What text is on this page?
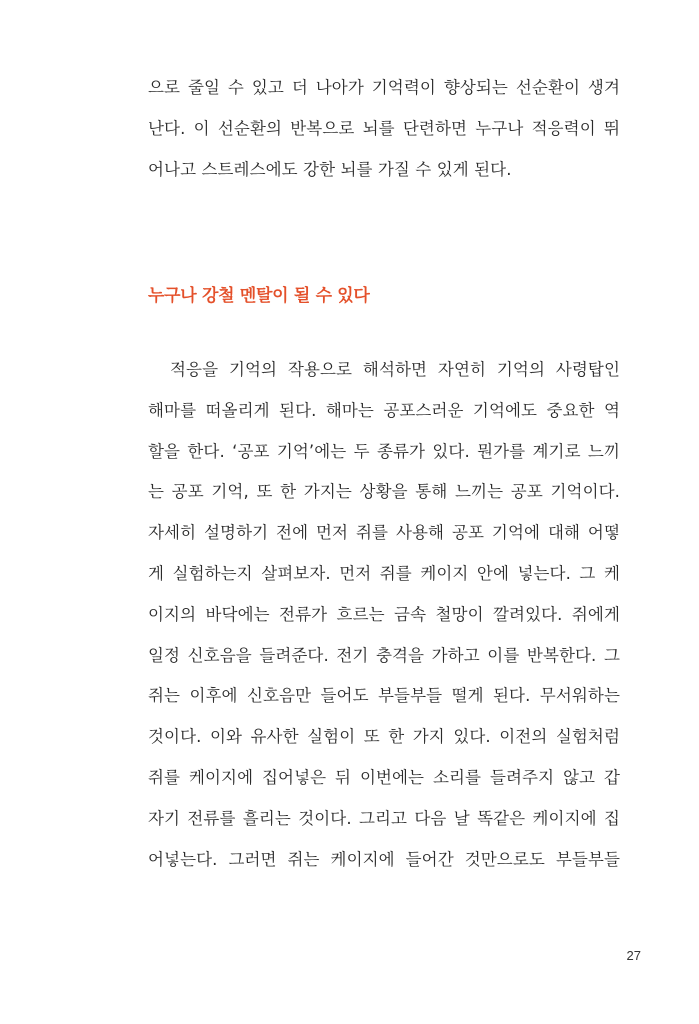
으로 줄일 수 있고 더 나아가 기억력이 향상되는 선순환이 생겨
난다. 이 선순환의 반복으로 뇌를 단련하면 누구나 적응력이 뛰
어나고 스트레스에도 강한 뇌를 가질 수 있게 된다.

누구나 강철 멘탈이 될 수 있다

적응을 기억의 작용으로 해석하면 자연히 기억의 사령탑인
해마를 떠올리게 된다. 해마는 공포스러운 기억에도 중요한 역
할을 한다. ‘공포 기억’에는 두 종류가 있다. 뭔가를 계기로 느끼
는 공포 기억, 또 한 가지는 상황을 통해 느끼는 공포 기억이다.
자세히 설명하기 전에 먼저 쥐를 사용해 공포 기억에 대해 어떻
게 실험하는지 살펴보자. 먼저 쥐를 케이지 안에 넣는다. 그 케
이지의 바닥에는 전류가 흐르는 금속 철망이 깔려있다. 쥐에게
일정 신호음을 들려준다. 전기 충격을 가하고 이를 반복한다. 그
쥐는 이후에 신호음만 들어도 부들부들 떨게 된다. 무서워하는
것이다. 이와 유사한 실험이 또 한 가지 있다. 이전의 실험처럼
쥐를 케이지에 집어넣은 뒤 이번에는 소리를 들려주지 않고 갑
자기 전류를 흘리는 것이다. 그리고 다음 날 똑같은 케이지에 집
어넣는다. 그러면 쥐는 케이지에 들어간 것만으로도 부들부들

27
